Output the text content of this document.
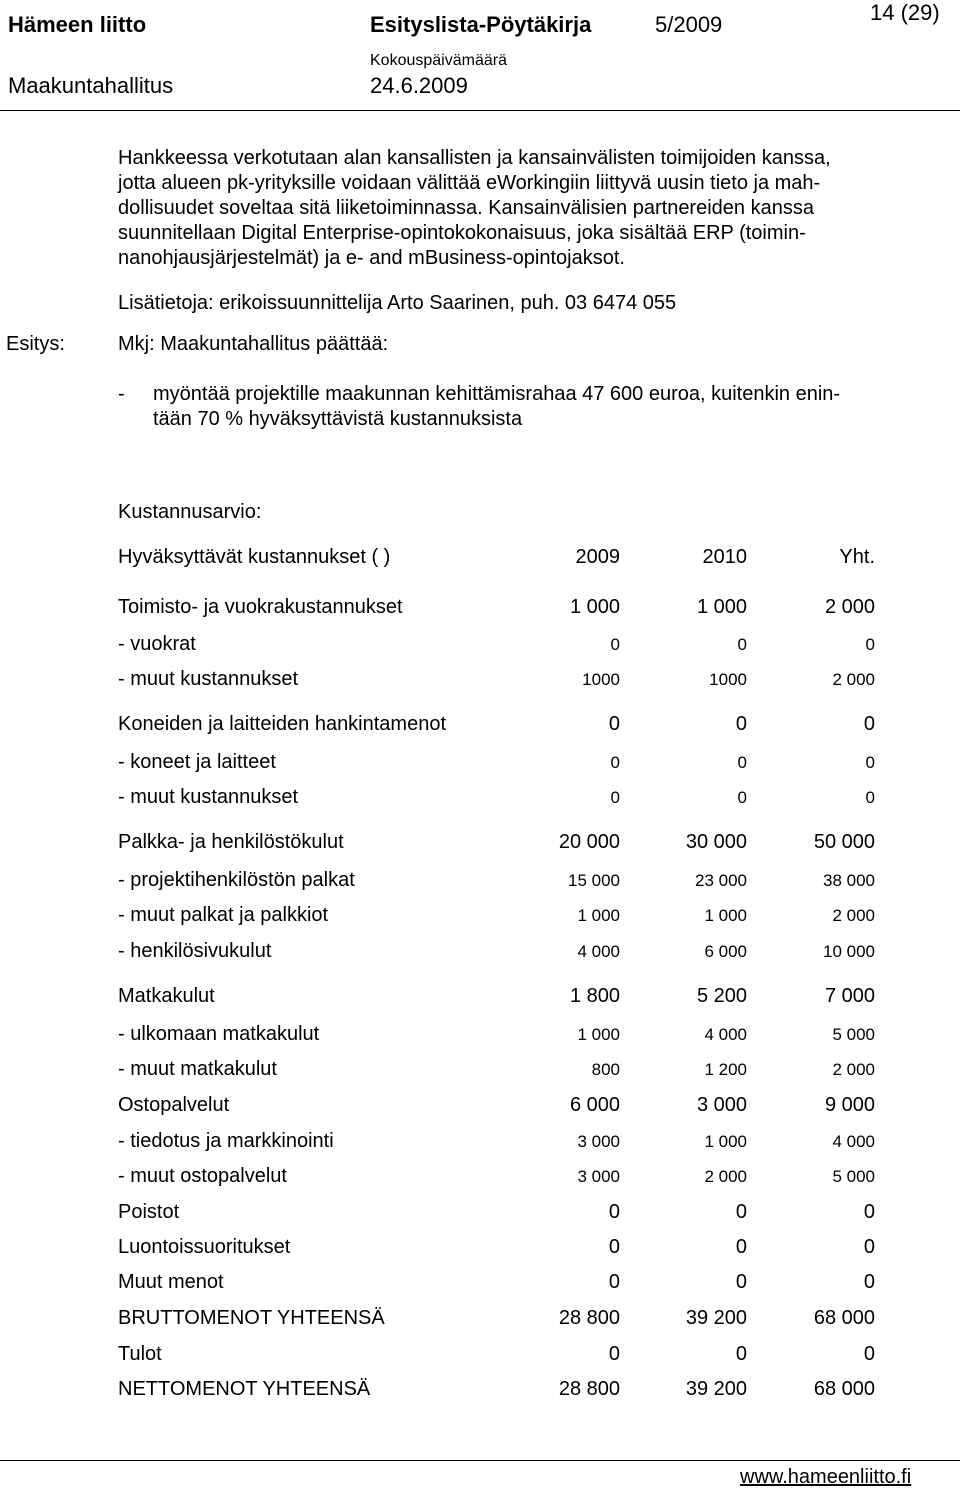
Hämeen liitto	Esityslista-Pöytäkirja	5/2009	14 (29)
Maakuntahallitus
Kokouspäivämäärä
24.6.2009
Hankkeessa verkotutaan alan kansallisten ja kansainvälisten toimijoiden kanssa,
jotta alueen pk-yrityksille voidaan välittää eWorkingiin liittyvä uusin tieto ja mah-
dollisuudet soveltaa sitä liiketoiminnassa. Kansainvälisien partnereiden kanssa
suunnitellaan Digital Enterprise-opintokokonaisuus, joka sisältää ERP (toimin-
nanohjausjärjestelmät) ja e- and mBusiness-opintojaksot.
Lisätietoja: erikoissuunnittelija Arto Saarinen, puh. 03 6474 055
Esitys:	Mkj: Maakuntahallitus päättää:
- myöntää projektille maakunnan kehittämisrahaa 47 600 euroa, kuitenkin enin-
tään 70 % hyväksyttävistä kustannuksista
Kustannusarvio:
Hyväksyttävät kustannukset ( )	2009	2010	Yht.
Toimisto- ja vuokrakustannukset	1 000	1 000	2 000
- vuokrat	0	0	0
- muut kustannukset	1000	1000	2 000
Koneiden ja laitteiden hankintamenot	0	0	0
- koneet ja laitteet	0	0	0
- muut kustannukset	0	0	0
Palkka- ja henkilöstökulut	20 000	30 000	50 000
- projektihenkilöstön palkat	15 000	23 000	38 000
- muut palkat ja palkkiot	1 000	1 000	2 000
- henkilösivukulut	4 000	6 000	10 000
Matkakulut	1 800	5 200	7 000
- ulkomaan matkakulut	1 000	4 000	5 000
- muut matkakulut	800	1 200	2 000
Ostopalvelut	6 000	3 000	9 000
- tiedotus ja markkinointi	3 000	1 000	4 000
- muut ostopalvelut	3 000	2 000	5 000
Poistot	0	0	0
Luontoissuoritukset	0	0	0
Muut menot	0	0	0
BRUTTOMENOT YHTEENSÄ	28 800	39 200	68 000
Tulot	0	0	0
NETTOMENOT YHTEENSÄ	28 800	39 200	68 000
www.hameenliitto.fi
